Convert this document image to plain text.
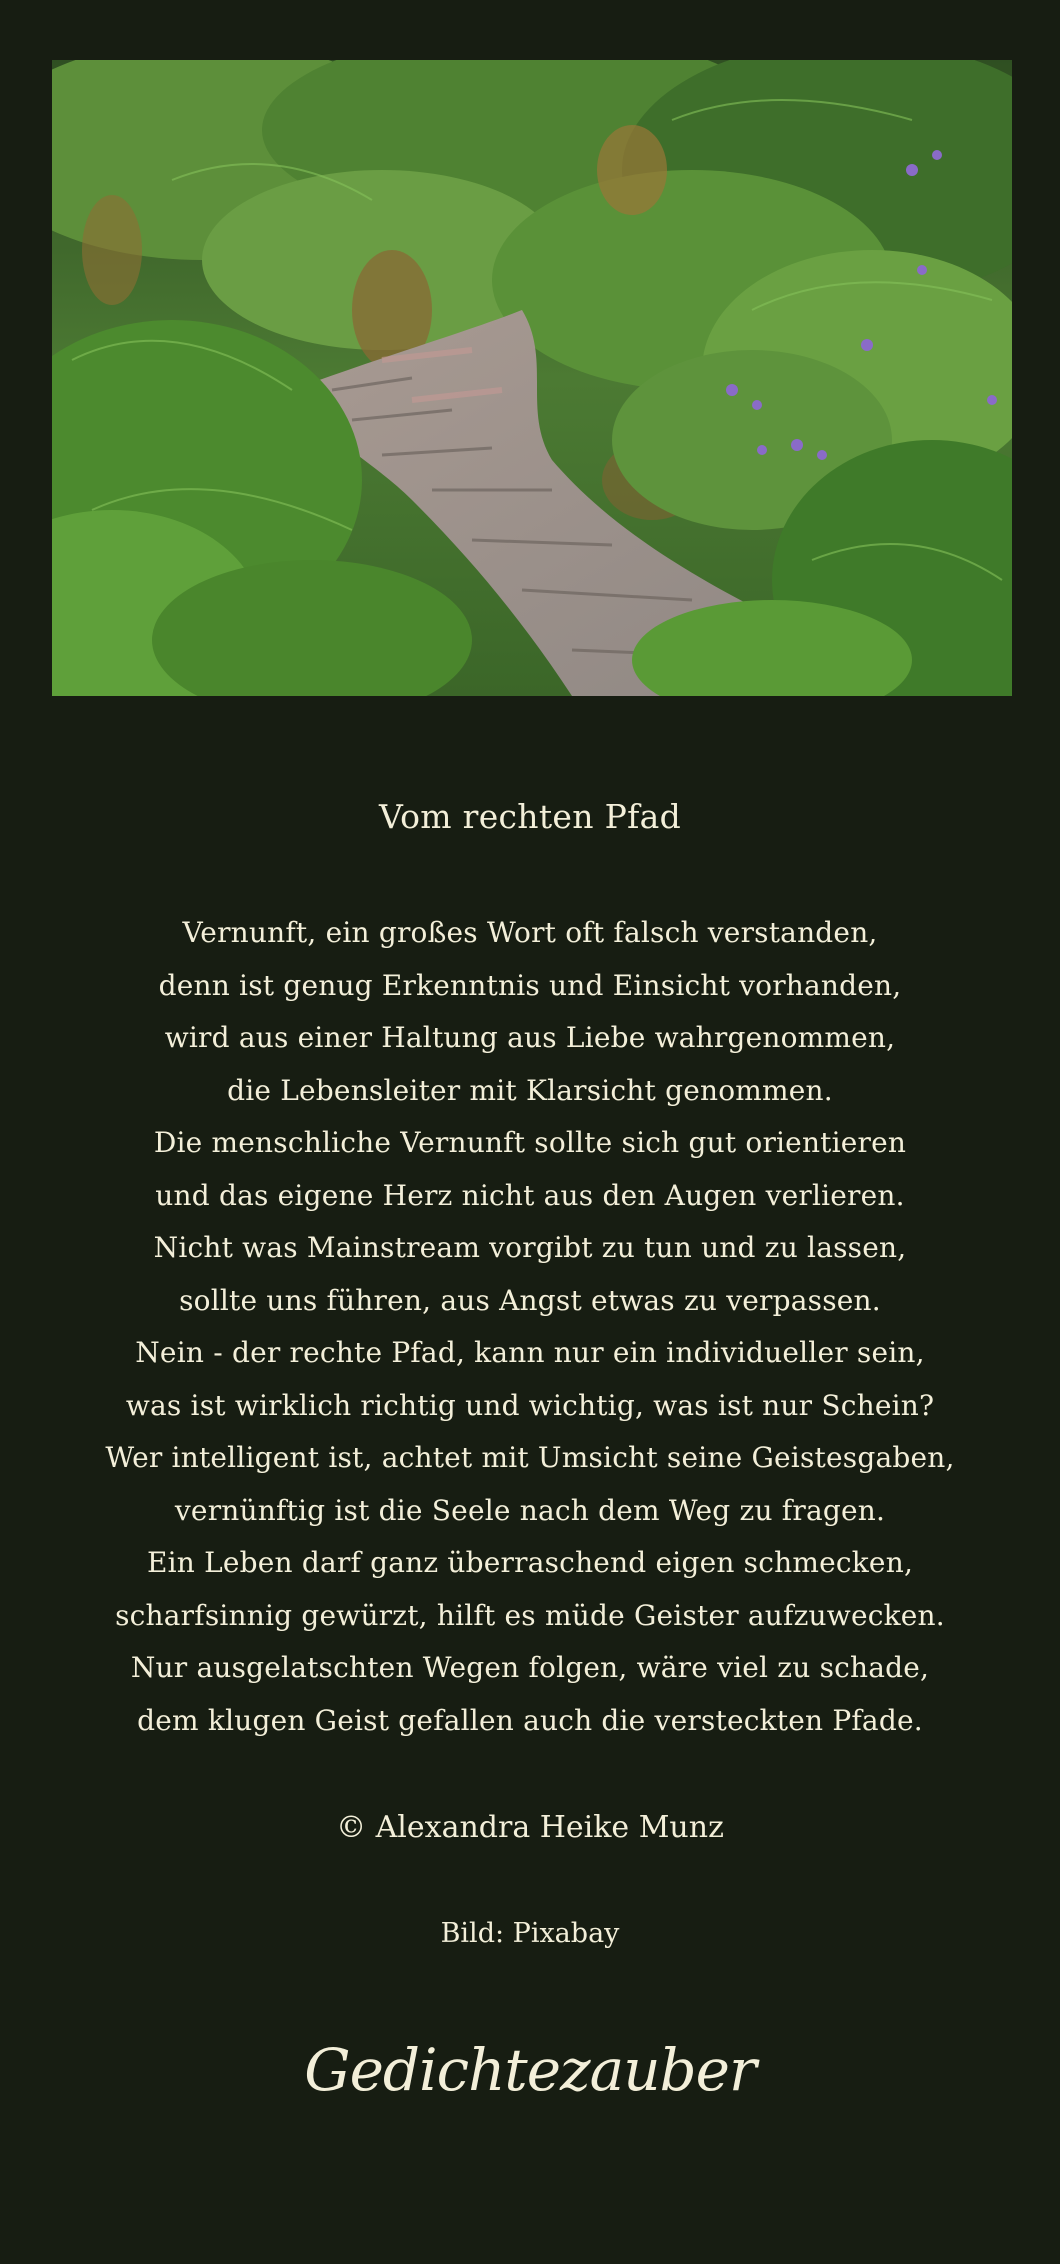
Vom rechten Pfad
Vernunft, ein großes Wort oft falsch verstanden,
denn ist genug Erkenntnis und Einsicht vorhanden,
wird aus einer Haltung aus Liebe wahrgenommen,
die Lebensleiter mit Klarsicht genommen.
Die menschliche Vernunft sollte sich gut orientieren
und das eigene Herz nicht aus den Augen verlieren.
Nicht was Mainstream vorgibt zu tun und zu lassen,
sollte uns führen, aus Angst etwas zu verpassen.
Nein - der rechte Pfad, kann nur ein individueller sein,
was ist wirklich richtig und wichtig, was ist nur Schein?
Wer intelligent ist, achtet mit Umsicht seine Geistesgaben,
vernünftig ist die Seele nach dem Weg zu fragen.
Ein Leben darf ganz überraschend eigen schmecken,
scharfsinnig gewürzt, hilft es müde Geister aufzuwecken.
Nur ausgelatschten Wegen folgen, wäre viel zu schade,
dem klugen Geist gefallen auch die versteckten Pfade.
© Alexandra Heike Munz
Bild: Pixabay
Gedichtezauber
